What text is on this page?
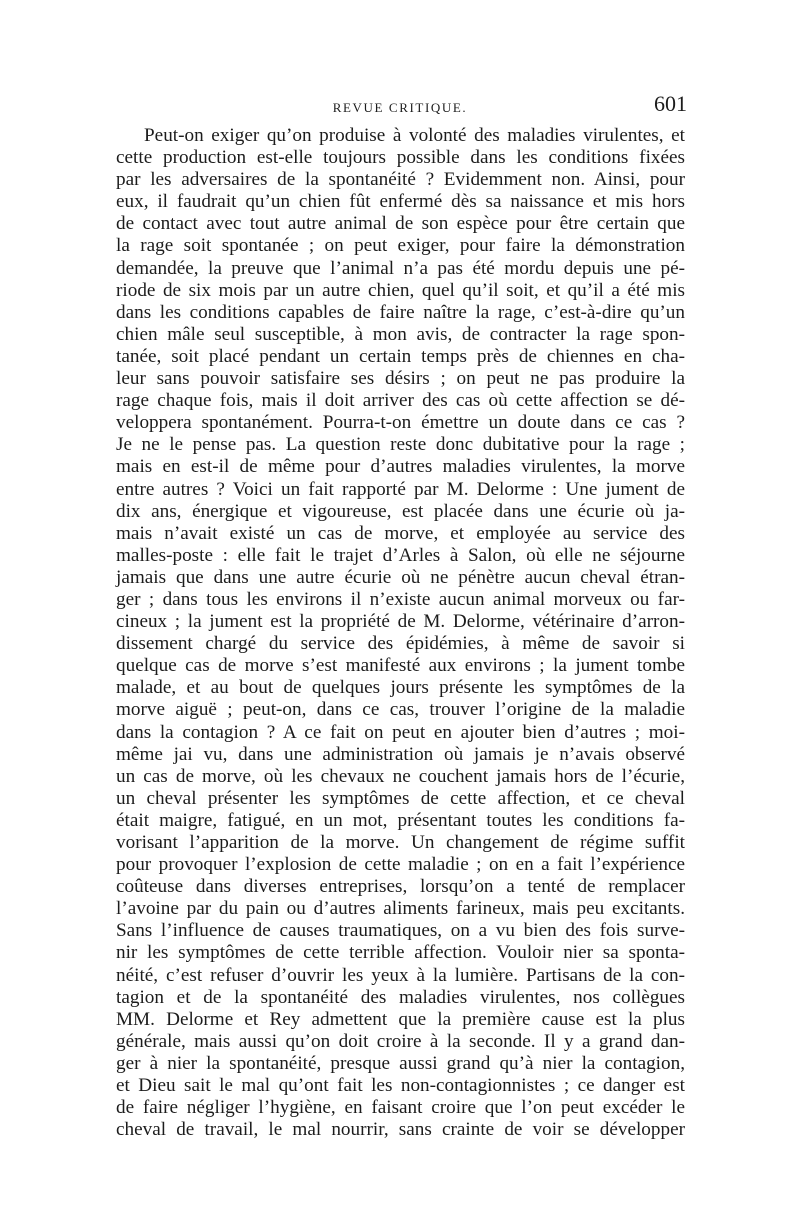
REVUE CRITIQUE.	601
Peut-on exiger qu’on produise à volonté des maladies virulentes, et
cette production est-elle toujours possible dans les conditions fixées
par les adversaires de la spontanéité ? Evidemment non. Ainsi, pour
eux, il faudrait qu’un chien fût enfermé dès sa naissance et mis hors
de contact avec tout autre animal de son espèce pour être certain que
la rage soit spontanée ; on peut exiger, pour faire la démonstration
demandée, la preuve que l’animal n’a pas été mordu depuis une pé-
riode de six mois par un autre chien, quel qu’il soit, et qu’il a été mis
dans les conditions capables de faire naître la rage, c’est-à-dire qu’un
chien mâle seul susceptible, à mon avis, de contracter la rage spon-
tanée, soit placé pendant un certain temps près de chiennes en cha-
leur sans pouvoir satisfaire ses désirs ; on peut ne pas produire la
rage chaque fois, mais il doit arriver des cas où cette affection se dé-
veloppera spontanément. Pourra-t-on émettre un doute dans ce cas ?
Je ne le pense pas. La question reste donc dubitative pour la rage ;
mais en est-il de même pour d’autres maladies virulentes, la morve
entre autres ? Voici un fait rapporté par M. Delorme : Une jument de
dix ans, énergique et vigoureuse, est placée dans une écurie où ja-
mais n’avait existé un cas de morve, et employée au service des
malles-poste : elle fait le trajet d’Arles à Salon, où elle ne séjourne
jamais que dans une autre écurie où ne pénètre aucun cheval étran-
ger ; dans tous les environs il n’existe aucun animal morveux ou far-
cineux ; la jument est la propriété de M. Delorme, vétérinaire d’arron-
dissement chargé du service des épidémies, à même de savoir si
quelque cas de morve s’est manifesté aux environs ; la jument tombe
malade, et au bout de quelques jours présente les symptômes de la
morve aiguë ; peut-on, dans ce cas, trouver l’origine de la maladie
dans la contagion ? A ce fait on peut en ajouter bien d’autres ; moi-
même jai vu, dans une administration où jamais je n’avais observé
un cas de morve, où les chevaux ne couchent jamais hors de l’écurie,
un cheval présenter les symptômes de cette affection, et ce cheval
était maigre, fatigué, en un mot, présentant toutes les conditions fa-
vorisant l’apparition de la morve. Un changement de régime suffit
pour provoquer l’explosion de cette maladie ; on en a fait l’expérience
coûteuse dans diverses entreprises, lorsqu’on a tenté de remplacer
l’avoine par du pain ou d’autres aliments farineux, mais peu excitants.
Sans l’influence de causes traumatiques, on a vu bien des fois surve-
nir les symptômes de cette terrible affection. Vouloir nier sa sponta-
néité, c’est refuser d’ouvrir les yeux à la lumière. Partisans de la con-
tagion et de la spontanéité des maladies virulentes, nos collègues
MM. Delorme et Rey admettent que la première cause est la plus
générale, mais aussi qu’on doit croire à la seconde. Il y a grand dan-
ger à nier la spontanéité, presque aussi grand qu’à nier la contagion,
et Dieu sait le mal qu’ont fait les non-contagionnistes ; ce danger est
de faire négliger l’hygiène, en faisant croire que l’on peut excéder le
cheval de travail, le mal nourrir, sans crainte de voir se développer
